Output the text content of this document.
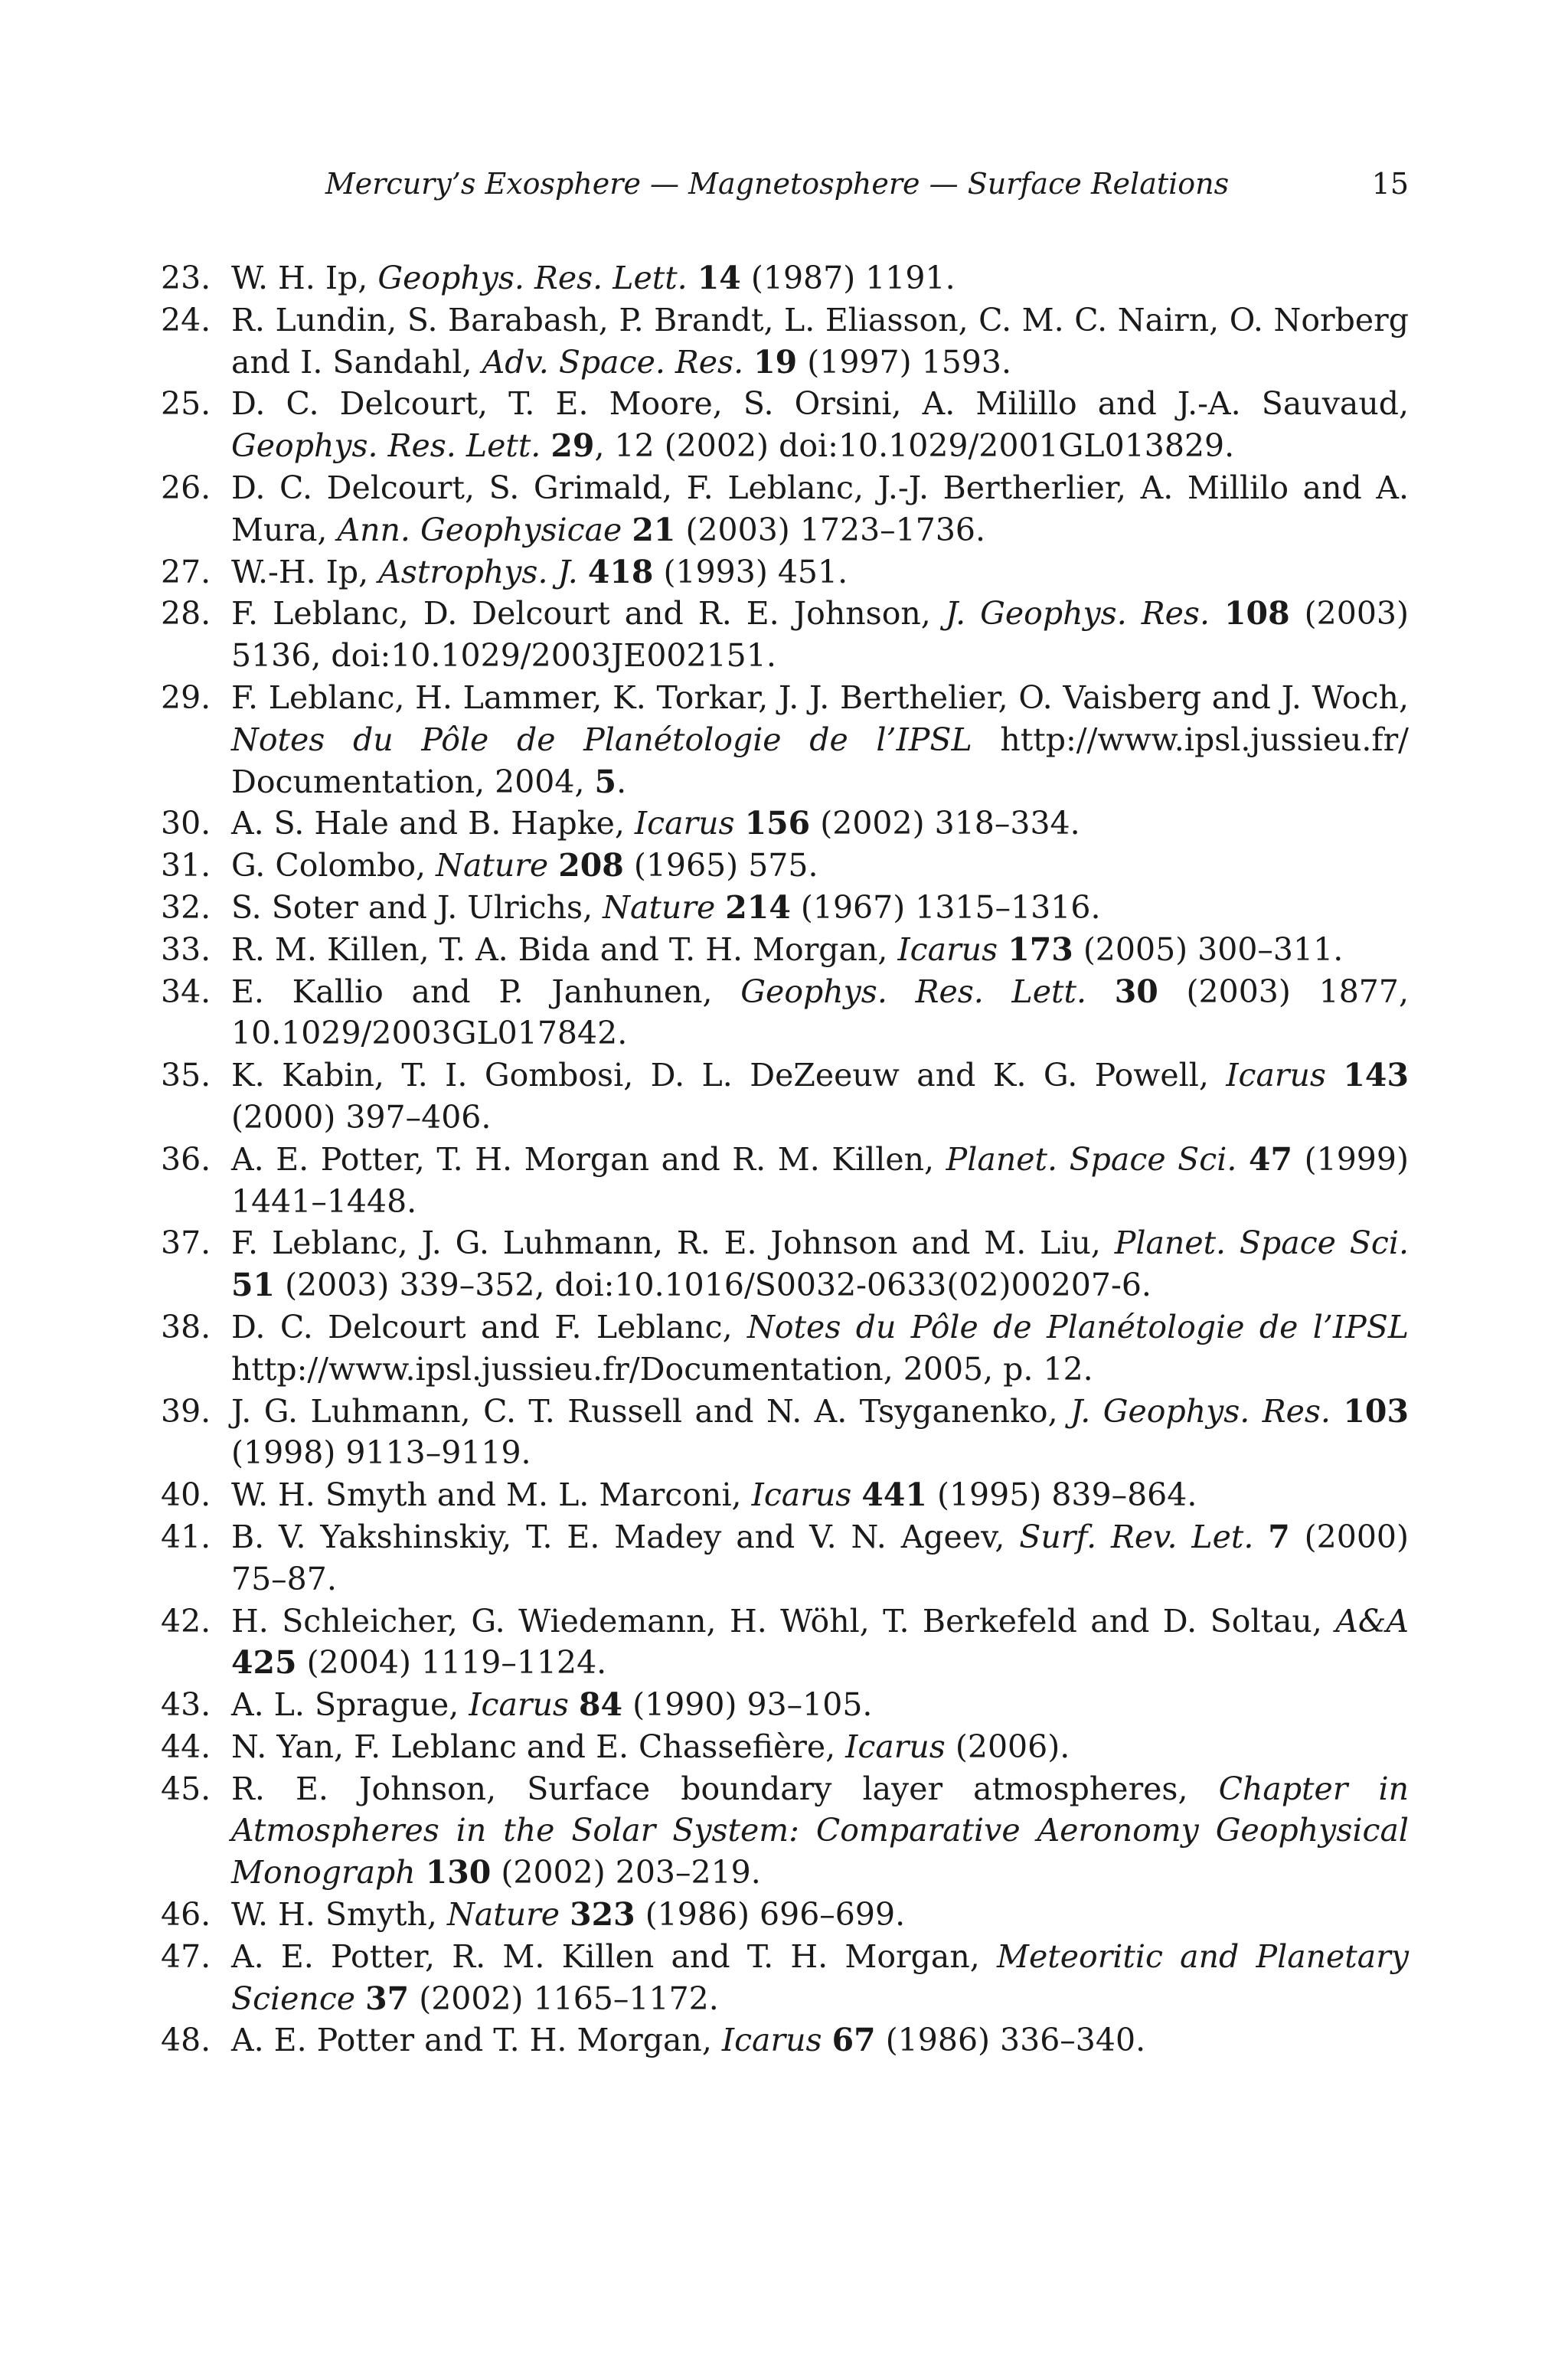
Mercury’s Exosphere — Magnetosphere — Surface Relations	15
23. W. H. Ip, Geophys. Res. Lett. 14 (1987) 1191.
24. R. Lundin, S. Barabash, P. Brandt, L. Eliasson, C. M. C. Nairn, O. Norberg and I. Sandahl, Adv. Space. Res. 19 (1997) 1593.
25. D. C. Delcourt, T. E. Moore, S. Orsini, A. Milillo and J.-A. Sauvaud, Geophys. Res. Lett. 29, 12 (2002) doi:10.1029/2001GL013829.
26. D. C. Delcourt, S. Grimald, F. Leblanc, J.-J. Bertherlier, A. Millilo and A. Mura, Ann. Geophysicae 21 (2003) 1723–1736.
27. W.-H. Ip, Astrophys. J. 418 (1993) 451.
28. F. Leblanc, D. Delcourt and R. E. Johnson, J. Geophys. Res. 108 (2003) 5136, doi:10.1029/2003JE002151.
29. F. Leblanc, H. Lammer, K. Torkar, J. J. Berthelier, O. Vaisberg and J. Woch, Notes du Pôle de Planétologie de l’IPSL http://www.ipsl.jussieu.fr/ Documentation, 2004, 5.
30. A. S. Hale and B. Hapke, Icarus 156 (2002) 318–334.
31. G. Colombo, Nature 208 (1965) 575.
32. S. Soter and J. Ulrichs, Nature 214 (1967) 1315–1316.
33. R. M. Killen, T. A. Bida and T. H. Morgan, Icarus 173 (2005) 300–311.
34. E. Kallio and P. Janhunen, Geophys. Res. Lett. 30 (2003) 1877, 10.1029/2003GL017842.
35. K. Kabin, T. I. Gombosi, D. L. DeZeeuw and K. G. Powell, Icarus 143 (2000) 397–406.
36. A. E. Potter, T. H. Morgan and R. M. Killen, Planet. Space Sci. 47 (1999) 1441–1448.
37. F. Leblanc, J. G. Luhmann, R. E. Johnson and M. Liu, Planet. Space Sci. 51 (2003) 339–352, doi:10.1016/S0032-0633(02)00207-6.
38. D. C. Delcourt and F. Leblanc, Notes du Pôle de Planétologie de l’IPSL http://www.ipsl.jussieu.fr/Documentation, 2005, p. 12.
39. J. G. Luhmann, C. T. Russell and N. A. Tsyganenko, J. Geophys. Res. 103 (1998) 9113–9119.
40. W. H. Smyth and M. L. Marconi, Icarus 441 (1995) 839–864.
41. B. V. Yakshinskiy, T. E. Madey and V. N. Ageev, Surf. Rev. Let. 7 (2000) 75–87.
42. H. Schleicher, G. Wiedemann, H. Wöhl, T. Berkefeld and D. Soltau, A&A 425 (2004) 1119–1124.
43. A. L. Sprague, Icarus 84 (1990) 93–105.
44. N. Yan, F. Leblanc and E. Chassefière, Icarus (2006).
45. R. E. Johnson, Surface boundary layer atmospheres, Chapter in Atmospheres in the Solar System: Comparative Aeronomy Geophysical Monograph 130 (2002) 203–219.
46. W. H. Smyth, Nature 323 (1986) 696–699.
47. A. E. Potter, R. M. Killen and T. H. Morgan, Meteoritic and Planetary Science 37 (2002) 1165–1172.
48. A. E. Potter and T. H. Morgan, Icarus 67 (1986) 336–340.
